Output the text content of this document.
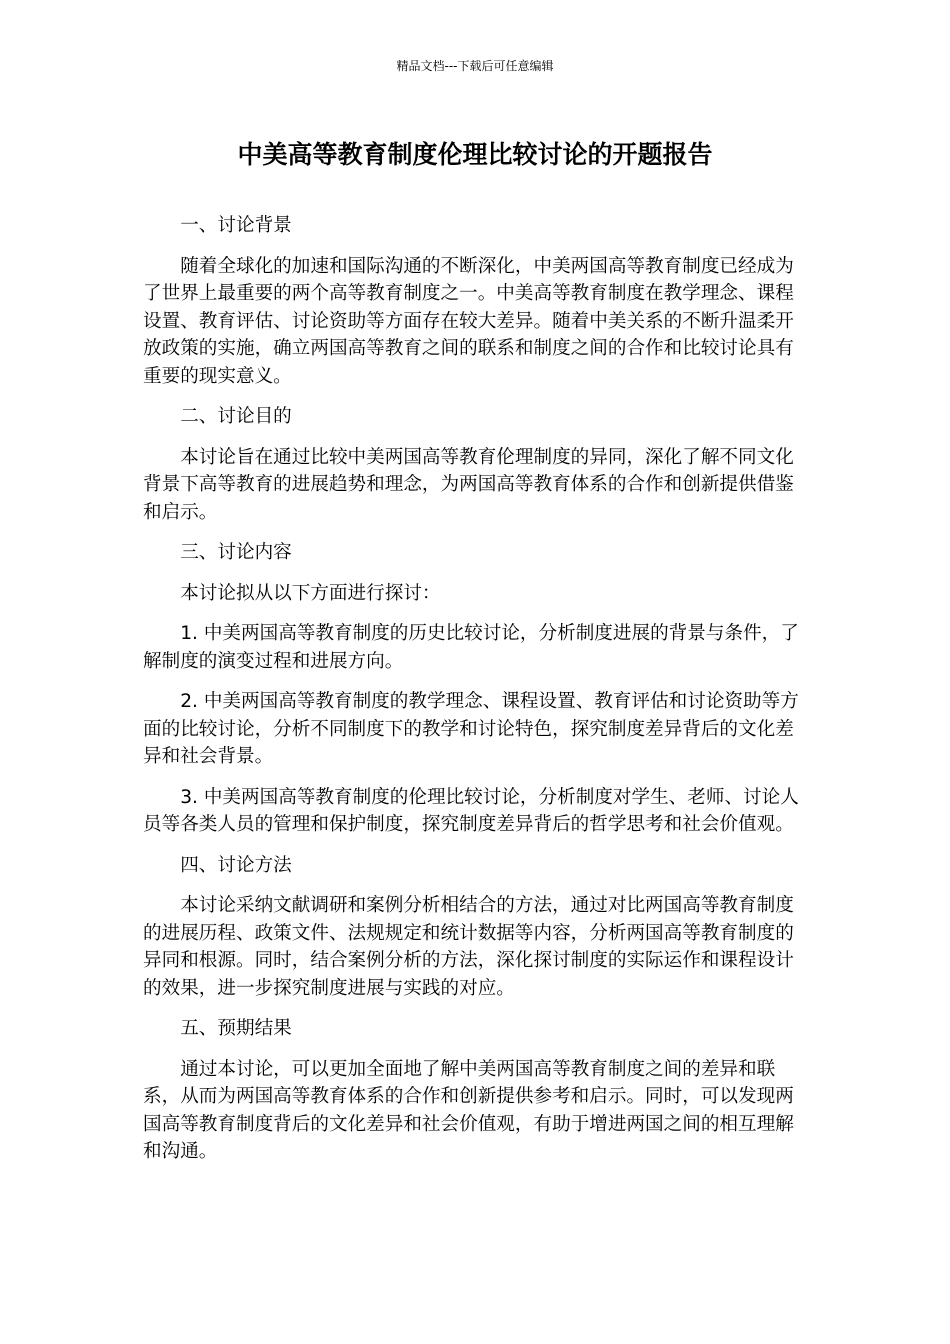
精品文档---下载后可任意编辑
中美高等教育制度伦理比较讨论的开题报告

一、讨论背景

随着全球化的加速和国际沟通的不断深化，中美两国高等教育制度已经成为了世界上最重要的两个高等教育制度之一。中美高等教育制度在教学理念、课程设置、教育评估、讨论资助等方面存在较大差异。随着中美关系的不断升温柔开放政策的实施，确立两国高等教育之间的联系和制度之间的合作和比较讨论具有重要的现实意义。

二、讨论目的

本讨论旨在通过比较中美两国高等教育伦理制度的异同，深化了解不同文化背景下高等教育的进展趋势和理念，为两国高等教育体系的合作和创新提供借鉴和启示。

三、讨论内容

本讨论拟从以下方面进行探讨：

1. 中美两国高等教育制度的历史比较讨论，分析制度进展的背景与条件，了解制度的演变过程和进展方向。

2. 中美两国高等教育制度的教学理念、课程设置、教育评估和讨论资助等方面的比较讨论，分析不同制度下的教学和讨论特色，探究制度差异背后的文化差异和社会背景。

3. 中美两国高等教育制度的伦理比较讨论，分析制度对学生、老师、讨论人员等各类人员的管理和保护制度，探究制度差异背后的哲学思考和社会价值观。

四、讨论方法

本讨论采纳文献调研和案例分析相结合的方法，通过对比两国高等教育制度的进展历程、政策文件、法规规定和统计数据等内容，分析两国高等教育制度的异同和根源。同时，结合案例分析的方法，深化探讨制度的实际运作和课程设计的效果，进一步探究制度进展与实践的对应。

五、预期结果

通过本讨论，可以更加全面地了解中美两国高等教育制度之间的差异和联系，从而为两国高等教育体系的合作和创新提供参考和启示。同时，可以发现两国高等教育制度背后的文化差异和社会价值观，有助于增进两国之间的相互理解和沟通。
